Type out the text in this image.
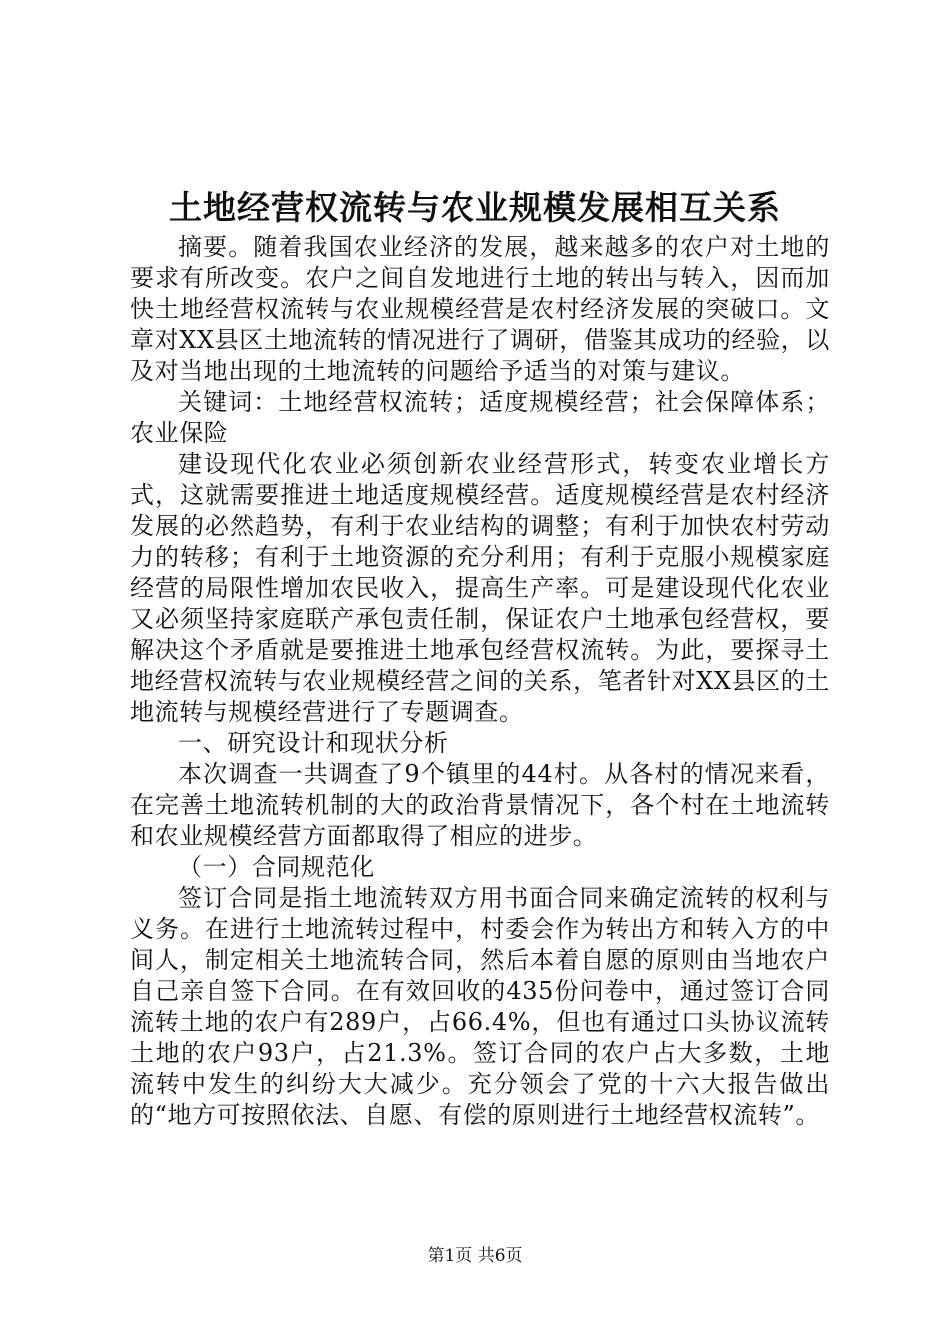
土地经营权流转与农业规模发展相互关系

摘要。随着我国农业经济的发展，越来越多的农户对土地的要求有所改变。农户之间自发地进行土地的转出与转入，因而加快土地经营权流转与农业规模经营是农村经济发展的突破口。文章对XX县区土地流转的情况进行了调研，借鉴其成功的经验，以及对当地出现的土地流转的问题给予适当的对策与建议。

关键词：土地经营权流转；适度规模经营；社会保障体系；农业保险

建设现代化农业必须创新农业经营形式，转变农业增长方式，这就需要推进土地适度规模经营。适度规模经营是农村经济发展的必然趋势，有利于农业结构的调整；有利于加快农村劳动力的转移；有利于土地资源的充分利用；有利于克服小规模家庭经营的局限性增加农民收入，提高生产率。可是建设现代化农业又必须坚持家庭联产承包责任制，保证农户土地承包经营权，要解决这个矛盾就是要推进土地承包经营权流转。为此，要探寻土地经营权流转与农业规模经营之间的关系，笔者针对XX县区的土地流转与规模经营进行了专题调查。

一、研究设计和现状分析

本次调查一共调查了9个镇里的44村。从各村的情况来看，在完善土地流转机制的大的政治背景情况下，各个村在土地流转和农业规模经营方面都取得了相应的进步。

（一）合同规范化

签订合同是指土地流转双方用书面合同来确定流转的权利与义务。在进行土地流转过程中，村委会作为转出方和转入方的中间人，制定相关土地流转合同，然后本着自愿的原则由当地农户自己亲自签下合同。在有效回收的435份问卷中，通过签订合同流转土地的农户有289户，占66.4%，但也有通过口头协议流转土地的农户93户，占21.3%。签订合同的农户占大多数，土地流转中发生的纠纷大大减少。充分领会了党的十六大报告做出的“地方可按照依法、自愿、有偿的原则进行土地经营权流转”。

第1页 共6页
